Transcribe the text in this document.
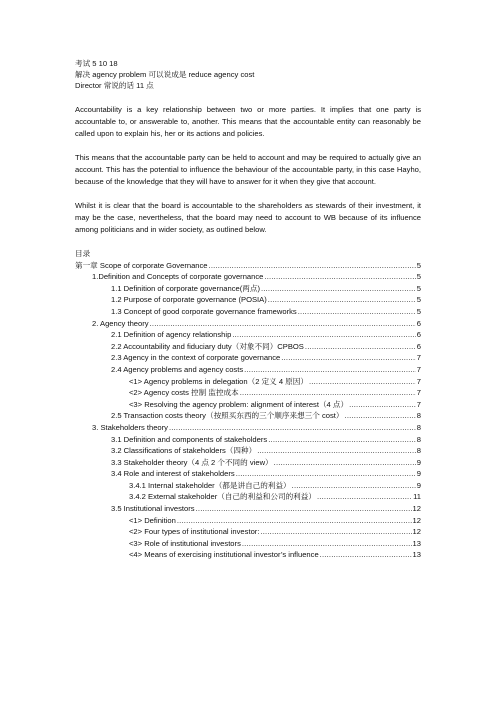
考试 5 10 18
解决 agency problem 可以说成是 reduce agency cost
Director 常说的话 11 点

Accountability is a key relationship between two or more parties. It implies that one party is accountable to, or answerable to, another. This means that the accountable entity can reasonably be called upon to explain his, her or its actions and policies.

This means that the accountable party can be held to account and may be required to actually give an account. This has the potential to influence the behaviour of the accountable party, in this case Hayho, because of the knowledge that they will have to answer for it when they give that account.

Whilst it is clear that the board is accountable to the shareholders as stewards of their investment, it may be the case, nevertheless, that the board may need to account to WB because of its influence among politicians and in wider society, as outlined below.

目录
第一章 Scope of corporate Governance .....	5
1.Definition and Concepts of corporate governance .....	5
1.1 Definition of corporate governance(两点) .....	5
1.2 Purpose of corporate governance (POSIA) .....	5
1.3 Concept of good corporate governance frameworks .....	5
2. Agency theory .....	6
2.1 Definition of agency relationship .....	6
2.2 Accountability and fiduciary duty（对象不同）CPBOS .....	6
2.3 Agency in the context of corporate governance .....	7
2.4 Agency problems and agency costs .....	7
<1> Agency problems in delegation（2 定义 4 原因） .....	7
<2> Agency costs 控制 监控成本 .....	7
<3> Resolving the agency problem: alignment of interest（4 点） .....	7
2.5 Transaction costs theory（按照买东西的三个顺序来想三个 cost） .....	8
3. Stakeholders theory .....	8
3.1 Definition and components of stakeholders .....	8
3.2 Classifications of stakeholders（四种） .....	8
3.3 Stakeholder theory（4 点 2 个不同的 view） .....	9
3.4 Role and interest of stakeholders .....	9
3.4.1 Internal stakeholder（都是讲自己的利益） .....	9
3.4.2 External stakeholder（自己的利益和公司的利益） .....	11
3.5 Institutional investors .....	12
<1> Definition .....	12
<2> Four types of institutional investor: .....	12
<3> Role of institutional investors .....	13
<4> Means of exercising institutional investor’s influence .....	13
